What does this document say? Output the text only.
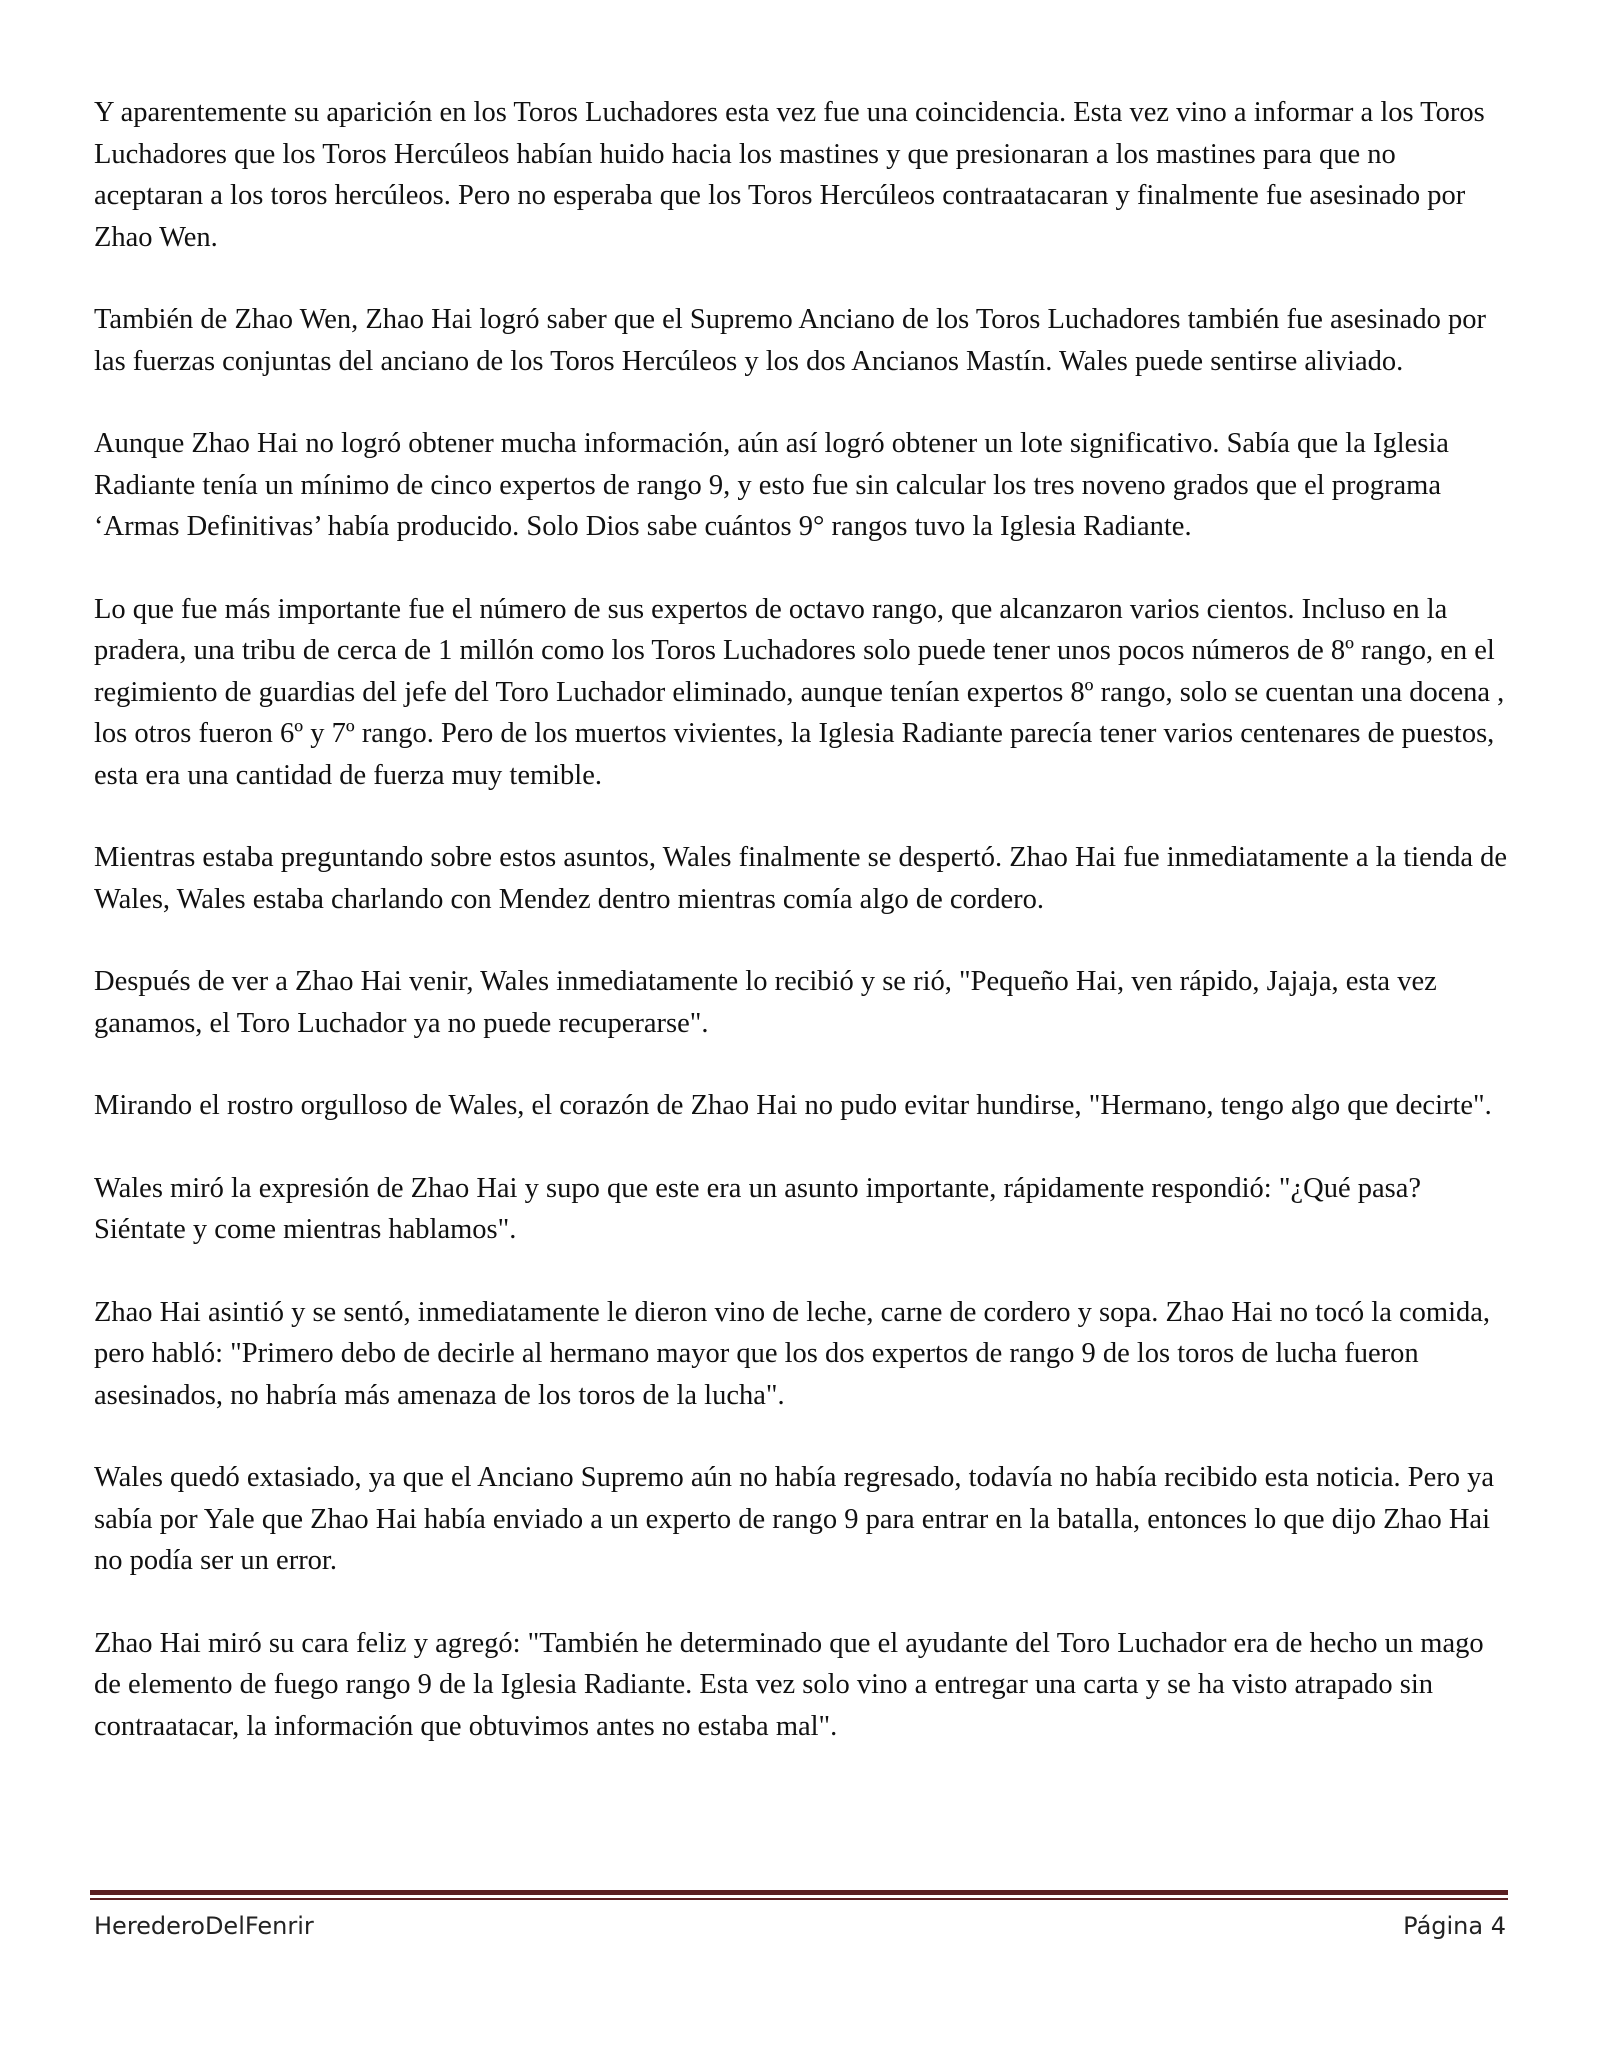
Y aparentemente su aparición en los Toros Luchadores esta vez fue una coincidencia. Esta vez vino a informar a los Toros Luchadores que los Toros Hercúleos habían huido hacia los mastines y que presionaran a los mastines para que no aceptaran a los toros hercúleos. Pero no esperaba que los Toros Hercúleos contraatacaran y finalmente fue asesinado por Zhao Wen.

También de Zhao Wen, Zhao Hai logró saber que el Supremo Anciano de los Toros Luchadores también fue asesinado por las fuerzas conjuntas del anciano de los Toros Hercúleos y los dos Ancianos Mastín. Wales puede sentirse aliviado.

Aunque Zhao Hai no logró obtener mucha información, aún así logró obtener un lote significativo. Sabía que la Iglesia Radiante tenía un mínimo de cinco expertos de rango 9, y esto fue sin calcular los tres noveno grados que el programa ‘Armas Definitivas’ había producido. Solo Dios sabe cuántos 9° rangos tuvo la Iglesia Radiante.

Lo que fue más importante fue el número de sus expertos de octavo rango, que alcanzaron varios cientos. Incluso en la pradera, una tribu de cerca de 1 millón como los Toros Luchadores solo puede tener unos pocos números de 8º rango, en el regimiento de guardias del jefe del Toro Luchador eliminado, aunque tenían expertos 8º rango, solo se cuentan una docena , los otros fueron 6º y 7º rango. Pero de los muertos vivientes, la Iglesia Radiante parecía tener varios centenares de puestos, esta era una cantidad de fuerza muy temible.

Mientras estaba preguntando sobre estos asuntos, Wales finalmente se despertó. Zhao Hai fue inmediatamente a la tienda de Wales, Wales estaba charlando con Mendez dentro mientras comía algo de cordero.

Después de ver a Zhao Hai venir, Wales inmediatamente lo recibió y se rió, "Pequeño Hai, ven rápido, Jajaja, esta vez ganamos, el Toro Luchador ya no puede recuperarse".

Mirando el rostro orgulloso de Wales, el corazón de Zhao Hai no pudo evitar hundirse, "Hermano, tengo algo que decirte".

Wales miró la expresión de Zhao Hai y supo que este era un asunto importante, rápidamente respondió: "¿Qué pasa? Siéntate y come mientras hablamos".

Zhao Hai asintió y se sentó, inmediatamente le dieron vino de leche, carne de cordero y sopa. Zhao Hai no tocó la comida, pero habló: "Primero debo de decirle al hermano mayor que los dos expertos de rango 9 de los toros de lucha fueron asesinados, no habría más amenaza de los toros de la lucha".

Wales quedó extasiado, ya que el Anciano Supremo aún no había regresado, todavía no había recibido esta noticia. Pero ya sabía por Yale que Zhao Hai había enviado a un experto de rango 9 para entrar en la batalla, entonces lo que dijo Zhao Hai no podía ser un error.

Zhao Hai miró su cara feliz y agregó: "También he determinado que el ayudante del Toro Luchador era de hecho un mago de elemento de fuego rango 9 de la Iglesia Radiante. Esta vez solo vino a entregar una carta y se ha visto atrapado sin contraatacar, la información que obtuvimos antes no estaba mal".

HerederoDelFenrir	Página 4
